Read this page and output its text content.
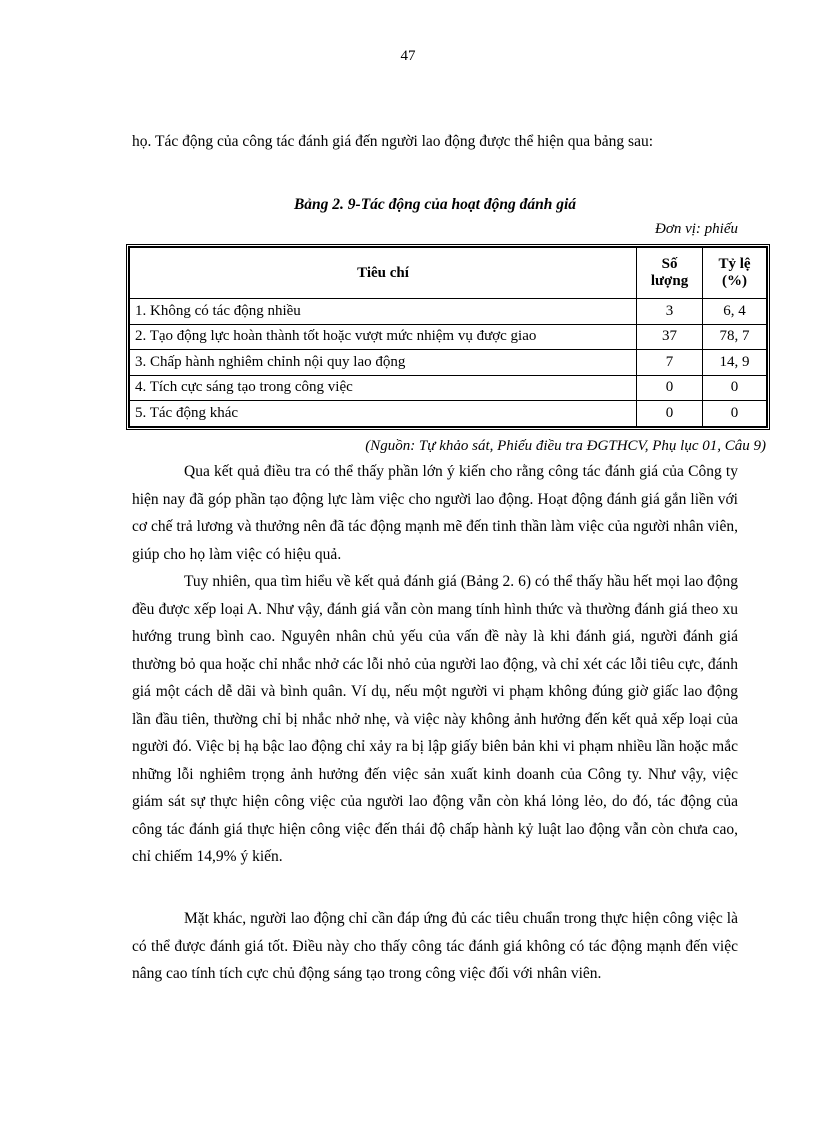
47

họ. Tác động của công tác đánh giá đến người lao động được thể hiện qua bảng sau:

Bảng 2. 9-Tác động của hoạt động đánh giá
Đơn vị: phiếu
Tiêu chí	Số lượng	Tỷ lệ (%)
1. Không có tác động nhiều	3	6, 4
2. Tạo động lực hoàn thành tốt hoặc vượt mức nhiệm vụ được giao	37	78, 7
3. Chấp hành nghiêm chỉnh nội quy lao động	7	14, 9
4. Tích cực sáng tạo trong công việc	0	0
5. Tác động khác	0	0
(Nguồn: Tự khảo sát, Phiếu điều tra ĐGTHCV, Phụ lục 01, Câu 9)

Qua kết quả điều tra có thể thấy phần lớn ý kiến cho rằng công tác đánh giá của Công ty hiện nay đã góp phần tạo động lực làm việc cho người lao động. Hoạt động đánh giá gắn liền với cơ chế trả lương và thưởng nên đã tác động mạnh mẽ đến tinh thần làm việc của người nhân viên, giúp cho họ làm việc có hiệu quả.

Tuy nhiên, qua tìm hiểu về kết quả đánh giá (Bảng 2. 6) có thể thấy hầu hết mọi lao động đều được xếp loại A. Như vậy, đánh giá vẫn còn mang tính hình thức và thường đánh giá theo xu hướng trung bình cao. Nguyên nhân chủ yếu của vấn đề này là khi đánh giá, người đánh giá thường bỏ qua hoặc chỉ nhắc nhở các lỗi nhỏ của người lao động, và chỉ xét các lỗi tiêu cực, đánh giá một cách dễ dãi và bình quân. Ví dụ, nếu một người vi phạm không đúng giờ giấc lao động lần đầu tiên, thường chỉ bị nhắc nhở nhẹ, và việc này không ảnh hưởng đến kết quả xếp loại của người đó. Việc bị hạ bậc lao động chỉ xảy ra bị lập giấy biên bản khi vi phạm nhiều lần hoặc mắc những lỗi nghiêm trọng ảnh hưởng đến việc sản xuất kinh doanh của Công ty. Như vậy, việc giám sát sự thực hiện công việc của người lao động vẫn còn khá lỏng lẻo, do đó, tác động của công tác đánh giá thực hiện công việc đến thái độ chấp hành kỷ luật lao động vẫn còn chưa cao, chỉ chiếm 14,9% ý kiến.

Mặt khác, người lao động chỉ cần đáp ứng đủ các tiêu chuẩn trong thực hiện công việc là có thể được đánh giá tốt. Điều này cho thấy công tác đánh giá không có tác động mạnh đến việc nâng cao tính tích cực chủ động sáng tạo trong công việc đối với nhân viên.
